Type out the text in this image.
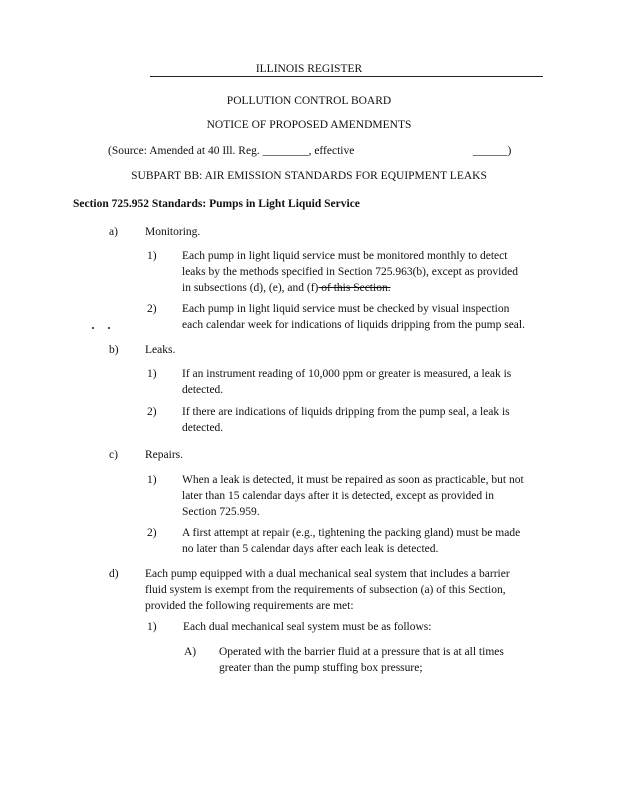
ILLINOIS REGISTER
POLLUTION CONTROL BOARD
NOTICE OF PROPOSED AMENDMENTS
(Source: Amended at 40 Ill. Reg. ________, effective	______)
SUBPART BB: AIR EMISSION STANDARDS FOR EQUIPMENT LEAKS
Section 725.952 Standards: Pumps in Light Liquid Service
a) Monitoring.
1) Each pump in light liquid service must be monitored monthly to detect
leaks by the methods specified in Section 725.963(b), except as provided
in subsections (d), (e), and (f) of this Section.
2) Each pump in light liquid service must be checked by visual inspection
each calendar week for indications of liquids dripping from the pump seal.
b) Leaks.
1) If an instrument reading of 10,000 ppm or greater is measured, a leak is
detected.
2) If there are indications of liquids dripping from the pump seal, a leak is
detected.
c) Repairs.
1) When a leak is detected, it must be repaired as soon as practicable, but not
later than 15 calendar days after it is detected, except as provided in
Section 725.959.
2) A first attempt at repair (e.g., tightening the packing gland) must be made
no later than 5 calendar days after each leak is detected.
d) Each pump equipped with a dual mechanical seal system that includes a barrier
fluid system is exempt from the requirements of subsection (a) of this Section,
provided the following requirements are met:
1) Each dual mechanical seal system must be as follows:
A) Operated with the barrier fluid at a pressure that is at all times
greater than the pump stuffing box pressure;
